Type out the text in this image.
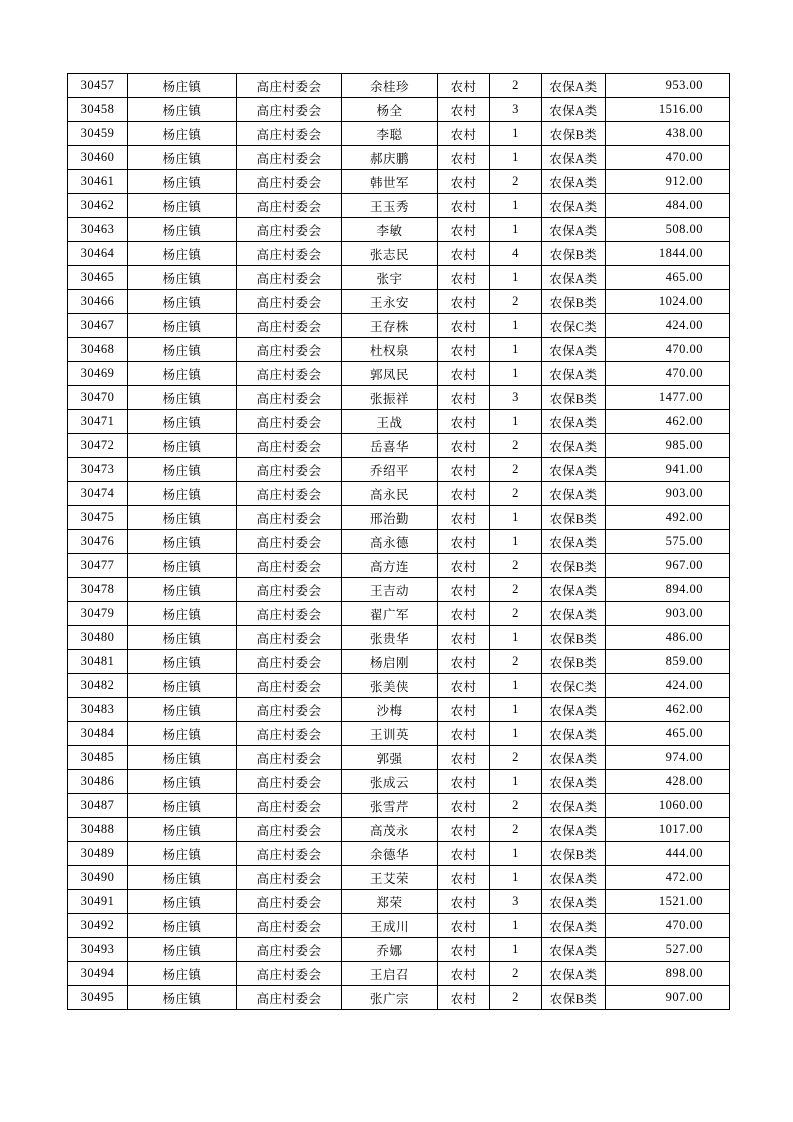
30457	杨庄镇	高庄村委会	余桂珍	农村	2	农保A类	953.00
30458	杨庄镇	高庄村委会	杨全	农村	3	农保A类	1516.00
30459	杨庄镇	高庄村委会	李聪	农村	1	农保B类	438.00
30460	杨庄镇	高庄村委会	郝庆鹏	农村	1	农保A类	470.00
30461	杨庄镇	高庄村委会	韩世军	农村	2	农保A类	912.00
30462	杨庄镇	高庄村委会	王玉秀	农村	1	农保A类	484.00
30463	杨庄镇	高庄村委会	李敏	农村	1	农保A类	508.00
30464	杨庄镇	高庄村委会	张志民	农村	4	农保B类	1844.00
30465	杨庄镇	高庄村委会	张宇	农村	1	农保A类	465.00
30466	杨庄镇	高庄村委会	王永安	农村	2	农保B类	1024.00
30467	杨庄镇	高庄村委会	王存株	农村	1	农保C类	424.00
30468	杨庄镇	高庄村委会	杜权泉	农村	1	农保A类	470.00
30469	杨庄镇	高庄村委会	郭凤民	农村	1	农保A类	470.00
30470	杨庄镇	高庄村委会	张振祥	农村	3	农保B类	1477.00
30471	杨庄镇	高庄村委会	王战	农村	1	农保A类	462.00
30472	杨庄镇	高庄村委会	岳喜华	农村	2	农保A类	985.00
30473	杨庄镇	高庄村委会	乔绍平	农村	2	农保A类	941.00
30474	杨庄镇	高庄村委会	高永民	农村	2	农保A类	903.00
30475	杨庄镇	高庄村委会	邢治勤	农村	1	农保B类	492.00
30476	杨庄镇	高庄村委会	高永德	农村	1	农保A类	575.00
30477	杨庄镇	高庄村委会	高方连	农村	2	农保B类	967.00
30478	杨庄镇	高庄村委会	王吉动	农村	2	农保A类	894.00
30479	杨庄镇	高庄村委会	翟广军	农村	2	农保A类	903.00
30480	杨庄镇	高庄村委会	张贵华	农村	1	农保B类	486.00
30481	杨庄镇	高庄村委会	杨启刚	农村	2	农保B类	859.00
30482	杨庄镇	高庄村委会	张美侠	农村	1	农保C类	424.00
30483	杨庄镇	高庄村委会	沙梅	农村	1	农保A类	462.00
30484	杨庄镇	高庄村委会	王训英	农村	1	农保A类	465.00
30485	杨庄镇	高庄村委会	郭强	农村	2	农保A类	974.00
30486	杨庄镇	高庄村委会	张成云	农村	1	农保A类	428.00
30487	杨庄镇	高庄村委会	张雪芹	农村	2	农保A类	1060.00
30488	杨庄镇	高庄村委会	高茂永	农村	2	农保A类	1017.00
30489	杨庄镇	高庄村委会	余德华	农村	1	农保B类	444.00
30490	杨庄镇	高庄村委会	王艾荣	农村	1	农保A类	472.00
30491	杨庄镇	高庄村委会	郑荣	农村	3	农保A类	1521.00
30492	杨庄镇	高庄村委会	王成川	农村	1	农保A类	470.00
30493	杨庄镇	高庄村委会	乔娜	农村	1	农保A类	527.00
30494	杨庄镇	高庄村委会	王启召	农村	2	农保A类	898.00
30495	杨庄镇	高庄村委会	张广宗	农村	2	农保B类	907.00
